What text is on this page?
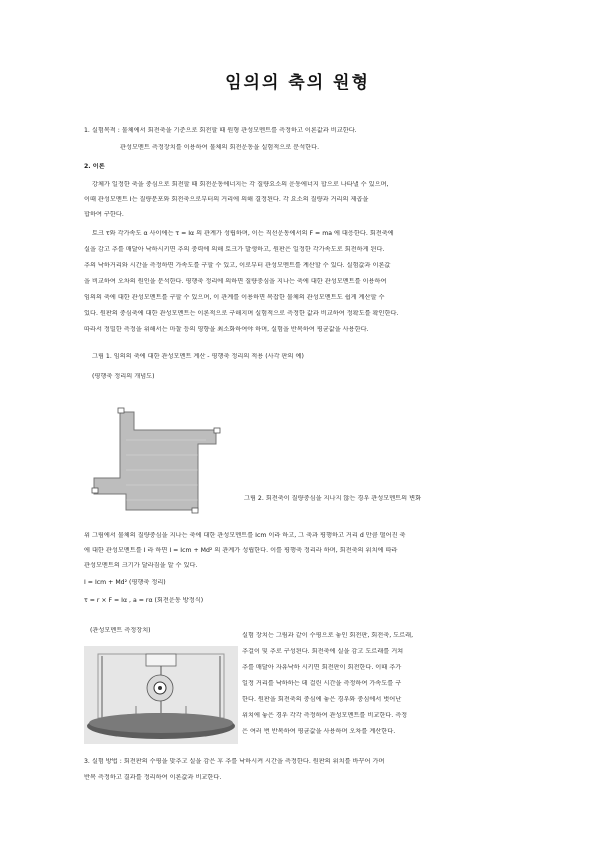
임의의 축의 원형
1. 실험목적 : 물체에서 회전축을 기준으로 회전할 때 원형 관성모멘트를 측정하고 이론값과 비교한다.
관성모멘트 측정장치를 이용하여 물체의 회전운동을 실험적으로 분석한다.
2. 이론
강체가 일정한 축을 중심으로 회전할 때 회전운동에너지는 각 질량요소의 운동에너지 합으로 나타낼 수 있으며,
이때 관성모멘트 I는 질량분포와 회전축으로부터의 거리에 의해 결정된다. 각 요소의 질량과 거리의 제곱을
합하여 구한다.
토크 τ와 각가속도 α 사이에는 τ = Iα 의 관계가 성립하며, 이는 직선운동에서의 F = ma 에 대응한다. 회전축에
실을 감고 추를 매달아 낙하시키면 추의 중력에 의해 토크가 발생하고, 원판은 일정한 각가속도로 회전하게 된다.
추의 낙하거리와 시간을 측정하면 가속도를 구할 수 있고, 이로부터 관성모멘트를 계산할 수 있다. 실험값과 이론값
을 비교하여 오차의 원인을 분석한다. 평행축 정리에 의하면 질량중심을 지나는 축에 대한 관성모멘트를 이용하여
임의의 축에 대한 관성모멘트를 구할 수 있으며, 이 관계를 이용하면 복잡한 물체의 관성모멘트도 쉽게 계산할 수
있다. 원판의 중심축에 대한 관성모멘트는 이론적으로 구해지며 실험적으로 측정한 값과 비교하여 정확도를 확인한다.
따라서 정밀한 측정을 위해서는 마찰 등의 영향을 최소화하여야 하며, 실험을 반복하여 평균값을 사용한다.
그림 1. 임의의 축에 대한 관성모멘트 계산 - 평행축 정리의 적용 (사각 판의 예)
(평행축 정리의 개념도)
그림 2. 회전축이 질량중심을 지나지 않는 경우 관성모멘트의 변화
위 그림에서 물체의 질량중심을 지나는 축에 대한 관성모멘트를 Icm 이라 하고, 그 축과 평행하고 거리 d 만큼 떨어진 축
에 대한 관성모멘트를 I 라 하면 I = Icm + Md² 의 관계가 성립한다. 이를 평행축 정리라 하며, 회전축의 위치에 따라
관성모멘트의 크기가 달라짐을 알 수 있다.
I = Icm + Md² (평행축 정리)
τ = r × F = Iα , a = rα (회전운동 방정식)
(관성모멘트 측정장치)
실험 장치는 그림과 같이 수평으로 놓인 회전판, 회전축, 도르래,
추걸이 및 추로 구성된다. 회전축에 실을 감고 도르래를 거쳐
추를 매달아 자유낙하 시키면 회전판이 회전한다. 이때 추가
일정 거리를 낙하하는 데 걸린 시간을 측정하여 가속도를 구
한다. 원판을 회전축의 중심에 놓은 경우와 중심에서 벗어난
위치에 놓은 경우 각각 측정하여 관성모멘트를 비교한다. 측정
은 여러 번 반복하여 평균값을 사용하며 오차를 계산한다.
3. 실험 방법 : 회전판의 수평을 맞추고 실을 감은 후 추를 낙하시켜 시간을 측정한다. 원판의 위치를 바꾸어 가며
반복 측정하고 결과를 정리하여 이론값과 비교한다.
